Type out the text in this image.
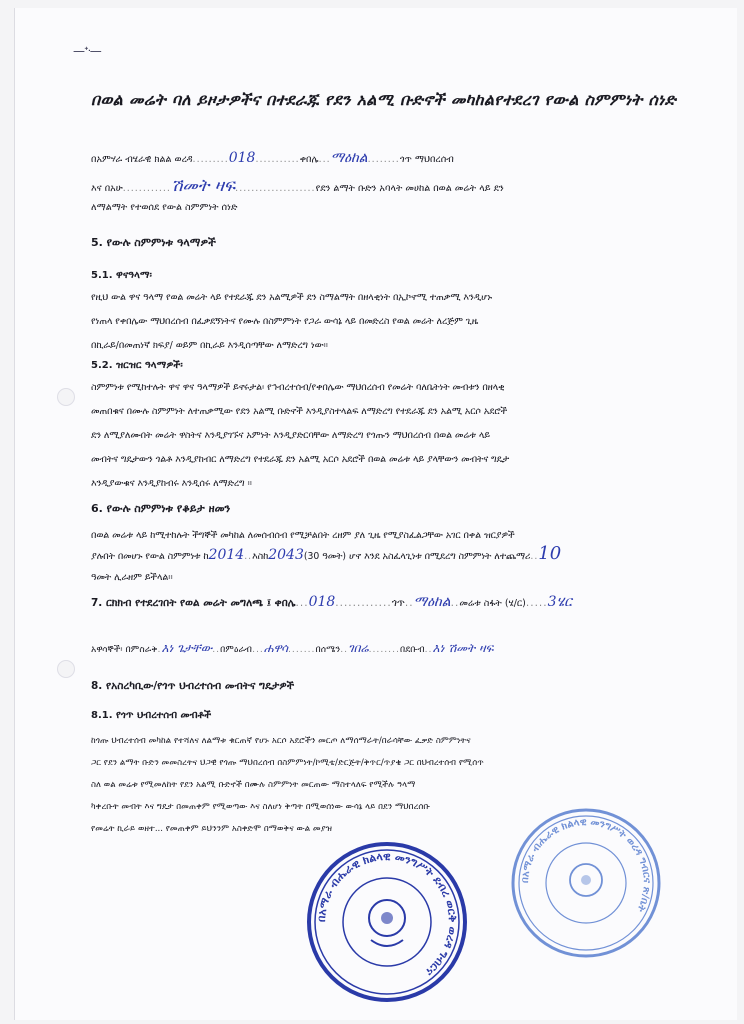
—ᐩᐧ—
በወል መሬት ባለ ይዞታዎችና በተደራጁ የደን አልሚ ቡድኖች መካከልየተደረገ የውል ስምምነት ሰነድ
በአምሃራ ብሄራዊ ክልል ወረዳ.........018...........ቀበሌ...ማዕከል........ጎጥ ማህበረሰብ
እና በአሁ............ሽመት ዛፍ....................የደን ልማት ቡድን አባላት መሀከል በወል መሬት ላይ ደን
ለማልማት የተወሰደ የውል ስምምነት ሰነድ
5. የውሉ ስምምነቱ ዓላማዎች
5.1. ዋናዓላማ፡
የዚህ ውል ዋና ዓላማ የወል መሬት ላይ የተደራጁ ደን አልሚዎች ደን ስማልማት በዘላቂነት በኢኮኖሚ ተጠቃሚ እንዲሆኑ
የነጠላ የቀበሌው ማህበረሰብ በፈቃደኝነትና የሙሉ በስምምነት የጋራ ውሳኔ ላይ በመድረስ የወል መሬት ለረጅም ጊዜ
በኪራይ/በመጠነኛ ክፍያ/ ወይም በኪራይ እንዲሰጣቸው ለማድረግ ነው።
5.2. ዝርዝር ዓላማዎች፡
ስምምነቱ የሚከተሉት ዋና ዋና ዓላማዎች ይኖሩታል፡ የኅብረተሰብ/የቀበሌው ማህበረሰብ የመሬት ባለቤትነት መብቱን በዘላቂ
መጠበቁና በሙሉ ስምምነት ለተጠቃሚው የደን አልሚ ቡድኖች እንዲያስተላልፍ ለማድረግ የተደራጁ ደን አልሚ አርሶ አደሮች
ደን ለሚያለሙበት መሬት ዋስትና እንዲያገኙና አምነት እንዲያድርባቸው ለማድረግ የጎጡን ማህበረሰብ በወል መሬቱ ላይ
መብትና ግዴታውን ጎልቶ እንዲያከብር ለማድረግ የተደራጁ ደን አልሚ አርሶ አደሮች በወል መሬቱ ላይ ያላቸውን መብትና ግዴታ
እንዲያውቁና እንዲያከብሩ እንዲሰሩ ለማድረግ ።
6. የውሉ ስምምነቱ የቆይታ ዘመን
በወል መሬቱ ላይ ከሚተከሉት ችግኞች መካከል ለመሰብሰብ የሚቻልበት ረዘም ያለ ጊዜ የሚያስፈልጋቸው አገር በቀል ዝርያዎች
ያሉበት በመሆኑ የውል ስምምነቱ ከ2014..እስከ2043(30 ዓመት) ሆኖ እንደ አስፈላጊነቱ በሚደረግ ስምምነት ለተጨማሪ..10
ዓመት ሊራዘም ይችላል።
7. ርክክብ የተደረገበት የወል መሬት መግለጫ ፤ ቀበሌ...018.............ጎጥ..ማዕከል..መሬቱ ስፋት (ሄ/ር).....3ሄር
አዋሳኞች፡ በምስራቅ.እነ ጌታቸው..በምዕራብ...ሐዋሳ.......በሰሜን..ገበሬ........በደቡብ..እነ ሽመት ዛፍ
8. የአስረካቢው/የጎጥ ህብረተሰብ መብትና ግዴታዎች
8.1. የጎጥ ህብረተሰብ መብቶች
ከጎጡ ህብረተሰብ መካከል የተሻለና ለልማቱ ቁርጠኛ የሆኑ አርሶ አደሮችን መርጦ ለማሰማራት/በራሳቸው ፈቃድ ስምምነትና
ጋር የደን ልማት ቡድን መመስረትና ህጋዊ የጎጡ ማህበረሰብ በስምምነት/ኮሚቴ/ድርጅት/ቅጥር/ጥያቄ ጋር በህብረተሰብ የሚሰጥ
ስለ ወል መሬቱ የሚመለከት የደን አልሚ ቡድኖች በሙሉ ስምምነት መርጠው ማስተላለፍ የሚችሉ ዓላማ
ካቀረቡት መብት እና ግዴታ በመጠቀም የሚወጣው እና ስለሆነ ቅጣት በሚወሰነው ውሳኔ ላይ በደን ማህበረሰቡ
የመሬት ኪራይ ወዘተ... የመጠቀም ይህንንም አስቀድሞ በማወቅና ውል መያዝ
በአማራ ብሔራዊ ክልላዊ መንግሥት ደብረ ወርቅ ወረዳ ግብርና
በአማራ ብሔራዊ ክልላዊ መንግሥት ወረዳ ግብርና ጽ/ቤት
